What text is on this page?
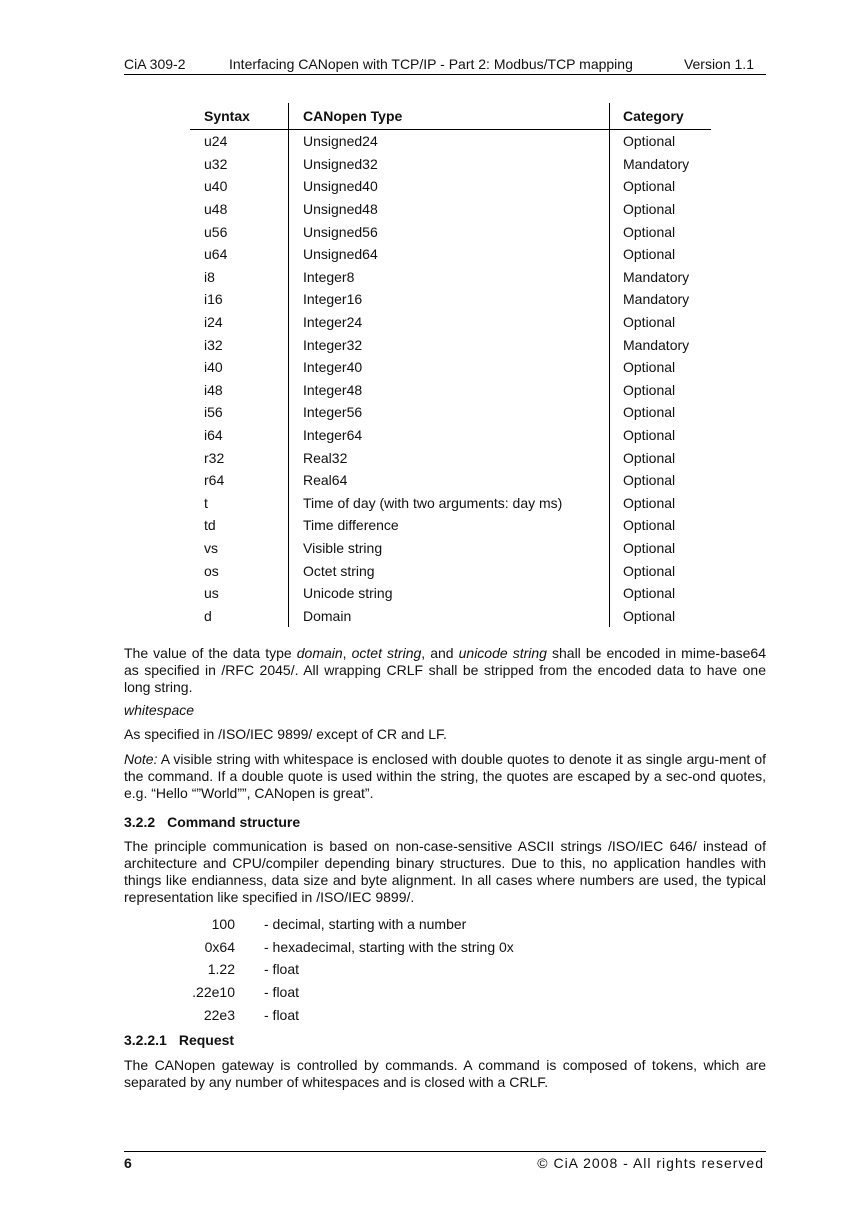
CiA 309-2	Interfacing CANopen with TCP/IP - Part 2: Modbus/TCP mapping	Version 1.1
Syntax	CANopen Type	Category
u24	Unsigned24	Optional
u32	Unsigned32	Mandatory
u40	Unsigned40	Optional
u48	Unsigned48	Optional
u56	Unsigned56	Optional
u64	Unsigned64	Optional
i8	Integer8	Mandatory
i16	Integer16	Mandatory
i24	Integer24	Optional
i32	Integer32	Mandatory
i40	Integer40	Optional
i48	Integer48	Optional
i56	Integer56	Optional
i64	Integer64	Optional
r32	Real32	Optional
r64	Real64	Optional
t	Time of day (with two arguments: day ms)	Optional
td	Time difference	Optional
vs	Visible string	Optional
os	Octet string	Optional
us	Unicode string	Optional
d	Domain	Optional

The value of the data type domain, octet string, and unicode string shall be encoded in mime-base64 as specified in /RFC 2045/. All wrapping CRLF shall be stripped from the encoded data to have one long string.

whitespace

As specified in /ISO/IEC 9899/ except of CR and LF.

Note: A visible string with whitespace is enclosed with double quotes to denote it as single argu-ment of the command. If a double quote is used within the string, the quotes are escaped by a sec-ond quotes, e.g. “Hello “”World””, CANopen is great”.

3.2.2 Command structure

The principle communication is based on non-case-sensitive ASCII strings /ISO/IEC 646/ instead of architecture and CPU/compiler depending binary structures. Due to this, no application handles with things like endianness, data size and byte alignment. In all cases where numbers are used, the typical representation like specified in /ISO/IEC 9899/.

100 - decimal, starting with a number
0x64 - hexadecimal, starting with the string 0x
1.22 - float
.22e10 - float
22e3 - float
3.2.2.1 Request

The CANopen gateway is controlled by commands. A command is composed of tokens, which are separated by any number of whitespaces and is closed with a CRLF.

6	© CiA 2008 - All rights reserved
